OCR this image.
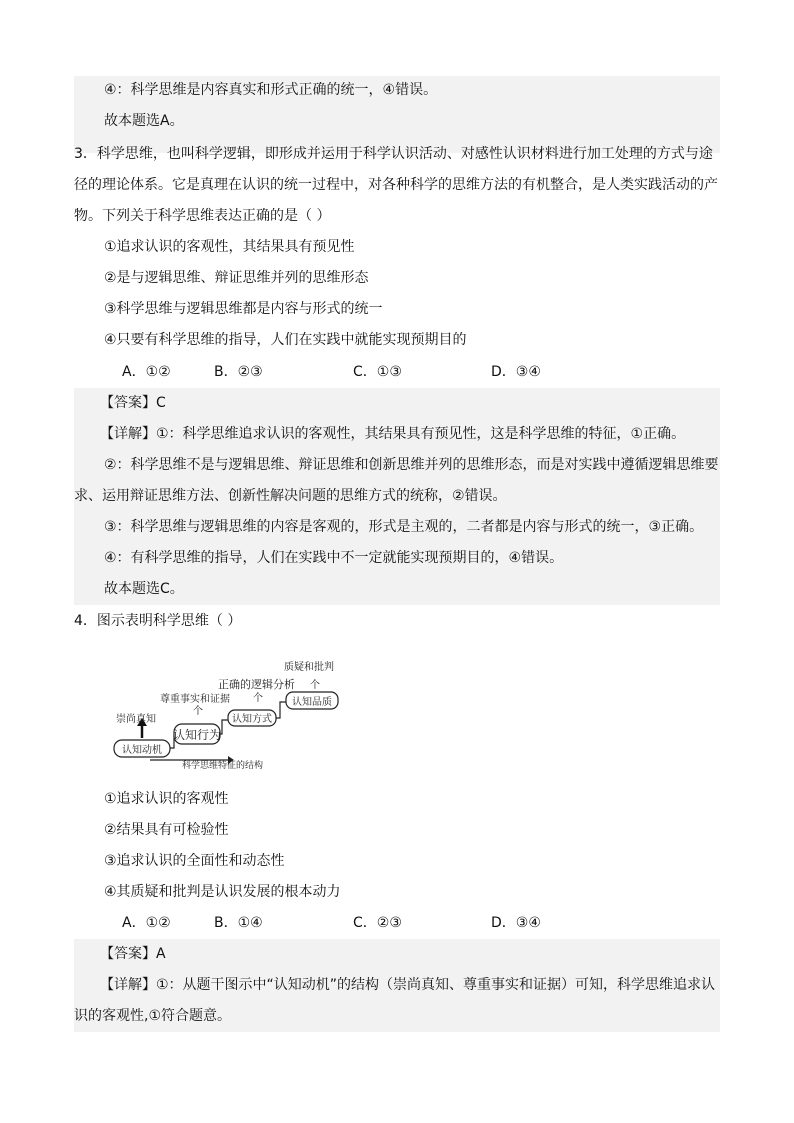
④：科学思维是内容真实和形式正确的统一，④错误。
故本题选A。
3．科学思维，也叫科学逻辑，即形成并运用于科学认识活动、对感性认识材料进行加工处理的方式与途
径的理论体系。它是真理在认识的统一过程中，对各种科学的思维方法的有机整合，是人类实践活动的产
物。下列关于科学思维表达正确的是（ ）
①追求认识的客观性，其结果具有预见性
②是与逻辑思维、辩证思维并列的思维形态
③科学思维与逻辑思维都是内容与形式的统一
④只要有科学思维的指导，人们在实践中就能实现预期目的
A．①②	B．②③	C．①③	D．③④
【答案】C
【详解】①：科学思维追求认识的客观性，其结果具有预见性，这是科学思维的特征，①正确。
②：科学思维不是与逻辑思维、辩证思维和创新思维并列的思维形态，而是对实践中遵循逻辑思维要
求、运用辩证思维方法、创新性解决问题的思维方式的统称，②错误。
③：科学思维与逻辑思维的内容是客观的，形式是主观的，二者都是内容与形式的统一，③正确。
④：有科学思维的指导，人们在实践中不一定就能实现预期目的，④错误。
故本题选C。
4．图示表明科学思维（ ）
认知动机
认知行为
认知方式
认知品质
崇尚真知
尊重事实和证据
个
正确的逻辑分析
个
个
质疑和批判
科学思维特征的结构
①追求认识的客观性
②结果具有可检验性
③追求认识的全面性和动态性
④其质疑和批判是认识发展的根本动力
A．①②	B．①④	C．②③	D．③④
【答案】A
【详解】①：从题干图示中“认知动机”的结构（崇尚真知、尊重事实和证据）可知，科学思维追求认
识的客观性,①符合题意。
